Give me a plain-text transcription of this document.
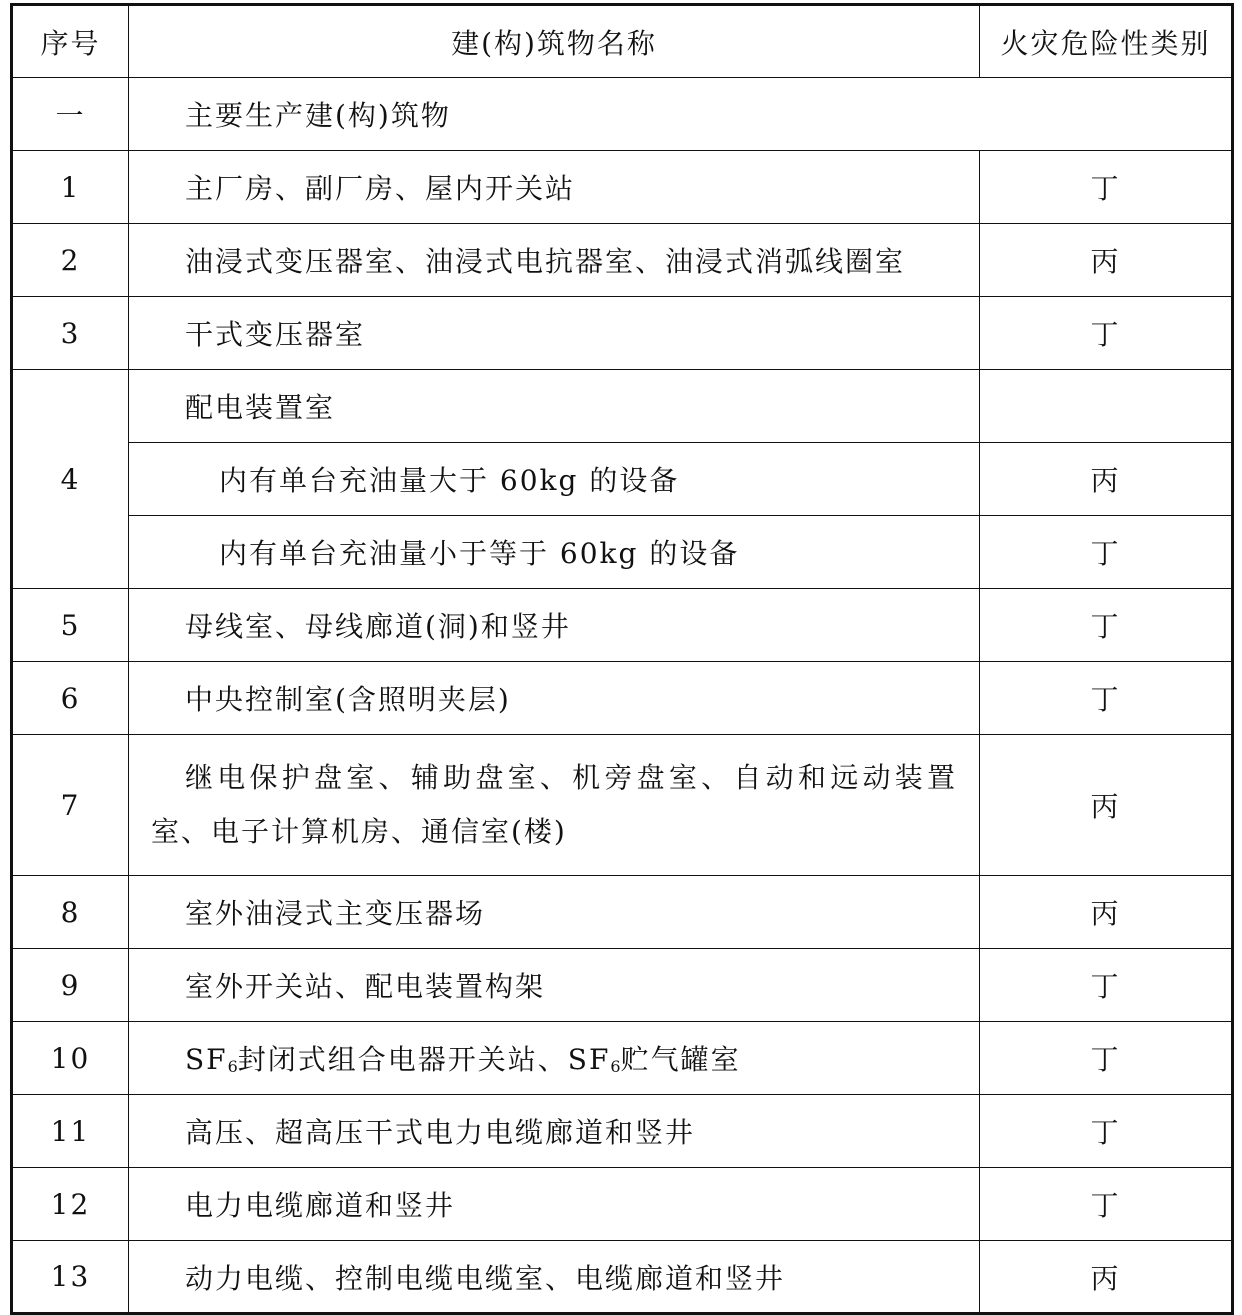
序号	建(构)筑物名称	火灾危险性类别
一	主要生产建(构)筑物	
1	主厂房、副厂房、屋内开关站	丁
2	油浸式变压器室、油浸式电抗器室、油浸式消弧线圈室	丙
3	干式变压器室	丁
4	配电装置室	
	内有单台充油量大于 60kg 的设备	丙
	内有单台充油量小于等于 60kg 的设备	丁
5	母线室、母线廊道(洞)和竖井	丁
6	中央控制室(含照明夹层)	丁
7	继电保护盘室、辅助盘室、机旁盘室、自动和远动装置室、电子计算机房、通信室(楼)	丙
8	室外油浸式主变压器场	丙
9	室外开关站、配电装置构架	丁
10	$SF_6$封闭式组合电器开关站、$SF_6$贮气罐室	丁
11	高压、超高压干式电力电缆廊道和竖井	丁
12	电力电缆廊道和竖井	丁
13	动力电缆、控制电缆电缆室、电缆廊道和竖井	丙
